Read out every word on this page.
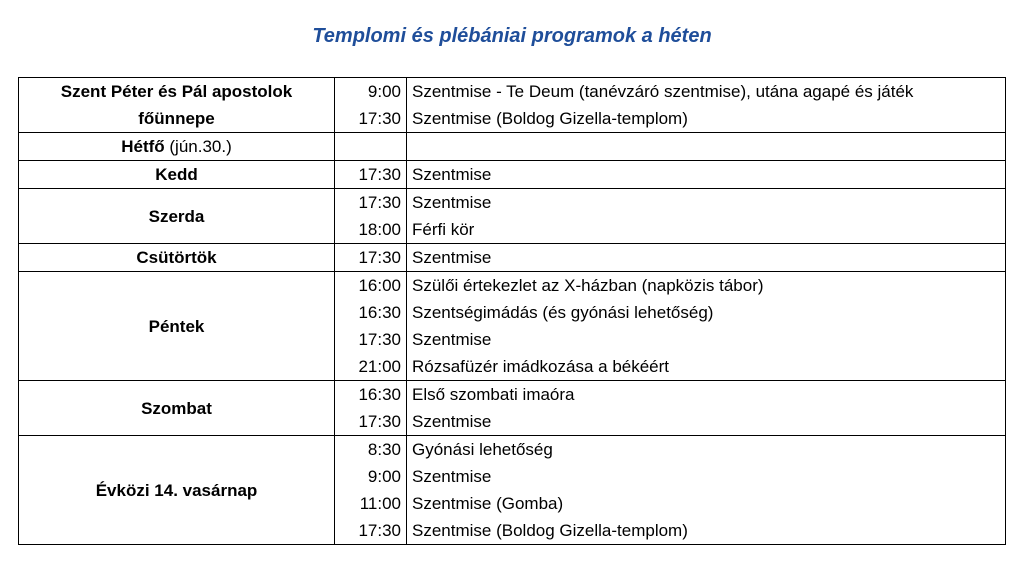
Templomi és plébániai programok a héten
Szent Péter és Pál apostolok főünnepe	9:00	Szentmise - Te Deum (tanévzáró szentmise), utána agapé és játék
	17:30	Szentmise (Boldog Gizella-templom)
Hétfő (jún.30.)		
Kedd	17:30	Szentmise
Szerda	17:30	Szentmise
	18:00	Férfi kör
Csütörtök	17:30	Szentmise
Péntek	16:00	Szülői értekezlet az X-házban (napközis tábor)
	16:30	Szentségimádás (és gyónási lehetőség)
	17:30	Szentmise
	21:00	Rózsafüzér imádkozása a békéért
Szombat	16:30	Első szombati imaóra
	17:30	Szentmise
Évközi 14. vasárnap	8:30	Gyónási lehetőség
	9:00	Szentmise
	11:00	Szentmise (Gomba)
	17:30	Szentmise (Boldog Gizella-templom)
